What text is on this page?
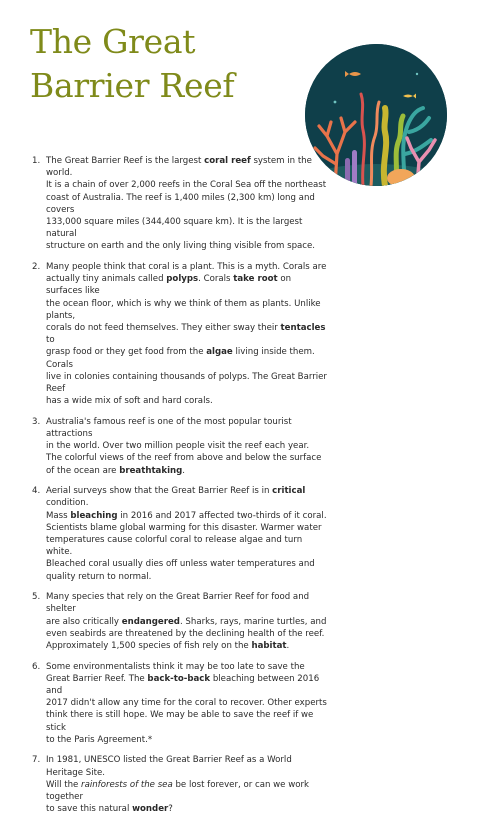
The Great Barrier Reef
1. The Great Barrier Reef is the largest coral reef system in the world.
It is a chain of over 2,000 reefs in the Coral Sea off the northeast
coast of Australia. The reef is 1,400 miles (2,300 km) long and covers
133,000 square miles (344,400 square km). It is the largest natural
structure on earth and the only living thing visible from space.
2. Many people think that coral is a plant. This is a myth. Corals are
actually tiny animals called polyps. Corals take root on surfaces like
the ocean floor, which is why we think of them as plants. Unlike plants,
corals do not feed themselves. They either sway their tentacles to
grasp food or they get food from the algae living inside them. Corals
live in colonies containing thousands of polyps. The Great Barrier Reef
has a wide mix of soft and hard corals.
3. Australia's famous reef is one of the most popular tourist attractions
in the world. Over two million people visit the reef each year.
The colorful views of the reef from above and below the surface
of the ocean are breathtaking.
4. Aerial surveys show that the Great Barrier Reef is in critical condition.
Mass bleaching in 2016 and 2017 affected two-thirds of it coral.
Scientists blame global warming for this disaster. Warmer water
temperatures cause colorful coral to release algae and turn white.
Bleached coral usually dies off unless water temperatures and
quality return to normal.
5. Many species that rely on the Great Barrier Reef for food and shelter
are also critically endangered. Sharks, rays, marine turtles, and
even seabirds are threatened by the declining health of the reef.
Approximately 1,500 species of fish rely on the habitat.
6. Some environmentalists think it may be too late to save the
Great Barrier Reef. The back-to-back bleaching between 2016 and
2017 didn't allow any time for the coral to recover. Other experts
think there is still hope. We may be able to save the reef if we stick
to the Paris Agreement.*
7. In 1981, UNESCO listed the Great Barrier Reef as a World Heritage Site.
Will the rainforests of the sea be lost forever, or can we work together
to save this natural wonder?
